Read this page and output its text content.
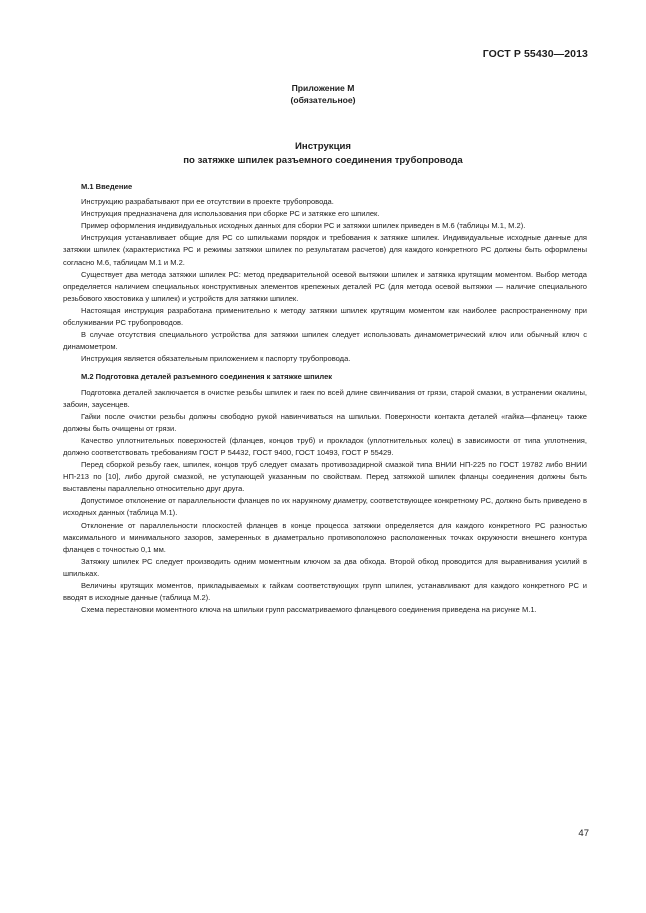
ГОСТ Р 55430—2013
Приложение М
(обязательное)
Инструкция
по затяжке шпилек разъемного соединения трубопровода
М.1 Введение

Инструкцию разрабатывают при ее отсутствии в проекте трубопровода.

Инструкция предназначена для использования при сборке РС и затяжке его шпилек.

Пример оформления индивидуальных исходных данных для сборки РС и затяжки шпилек приведен в М.6 (таблицы М.1, М.2).

Инструкция устанавливает общие для РС со шпильками порядок и требования к затяжке шпилек. Индивидуальные исходные данные для затяжки шпилек (характеристика РС и режимы затяжки шпилек по результатам расчетов) для каждого конкретного РС должны быть оформлены согласно М.6, таблицам М.1 и М.2.

Существует два метода затяжки шпилек РС: метод предварительной осевой вытяжки шпилек и затяжка крутящим моментом. Выбор метода определяется наличием специальных конструктивных элементов крепежных деталей РС (для метода осевой вытяжки — наличие специального резьбового хвостовика у шпилек) и устройств для затяжки шпилек.

Настоящая инструкция разработана применительно к методу затяжки шпилек крутящим моментом как наиболее распространенному при обслуживании РС трубопроводов.

В случае отсутствия специального устройства для затяжки шпилек следует использовать динамометрический ключ или обычный ключ с динамометром.

Инструкция является обязательным приложением к паспорту трубопровода.

М.2 Подготовка деталей разъемного соединения к затяжке шпилек

Подготовка деталей заключается в очистке резьбы шпилек и гаек по всей длине свинчивания от грязи, старой смазки, в устранении окалины, забоин, заусенцев.

Гайки после очистки резьбы должны свободно рукой навинчиваться на шпильки. Поверхности контакта деталей «гайка—фланец» также должны быть очищены от грязи.

Качество уплотнительных поверхностей (фланцев, концов труб) и прокладок (уплотнительных колец) в зависимости от типа уплотнения, должно соответствовать требованиям ГОСТ Р 54432, ГОСТ 9400, ГОСТ 10493, ГОСТ Р 55429.

Перед сборкой резьбу гаек, шпилек, концов труб следует смазать противозадирной смазкой типа ВНИИ НП-225 по ГОСТ 19782 либо ВНИИ НП-213 по [10], либо другой смазкой, не уступающей указанным по свойствам. Перед затяжкой шпилек фланцы соединения должны быть выставлены параллельно относительно друг друга.

Допустимое отклонение от параллельности фланцев по их наружному диаметру, соответствующее конкретному РС, должно быть приведено в исходных данных (таблица М.1).

Отклонение от параллельности плоскостей фланцев в конце процесса затяжки определяется для каждого конкретного РС разностью максимального и минимального зазоров, замеренных в диаметрально противоположно расположенных точках окружности внешнего контура фланцев с точностью 0,1 мм.

Затяжку шпилек РС следует производить одним моментным ключом за два обхода. Второй обход проводится для выравнивания усилий в шпильках.

Величины крутящих моментов, прикладываемых к гайкам соответствующих групп шпилек, устанавливают для каждого конкретного РС и вводят в исходные данные (таблица М.2).

Схема перестановки моментного ключа на шпильки групп рассматриваемого фланцевого соединения приведена на рисунке М.1.

47
